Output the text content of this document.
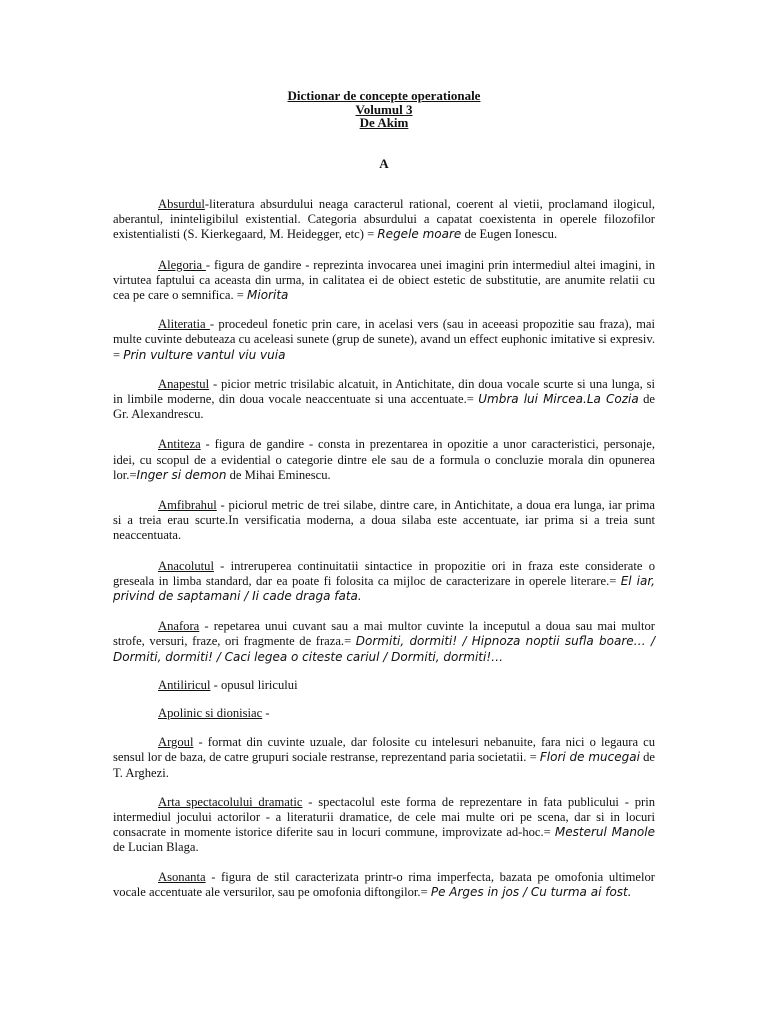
Dictionar de concepte operationale
Volumul 3
De Akim
A

Absurdul-literatura absurdului neaga caracterul rational, coerent al vietii, proclamand ilogicul, aberantul, ininteligibilul existential. Categoria absurdului a capatat coexistenta in operele filozofilor existentialisti (S. Kierkegaard, M. Heidegger, etc) = Regele moare de Eugen Ionescu.

Alegoria - figura de gandire - reprezinta invocarea unei imagini prin intermediul altei imagini, in virtutea faptului ca aceasta din urma, in calitatea ei de obiect estetic de substitutie, are anumite relatii cu cea pe care o semnifica. = Miorita

Aliteratia - procedeul fonetic prin care, in acelasi vers (sau in aceeasi propozitie sau fraza), mai multe cuvinte debuteaza cu aceleasi sunete (grup de sunete), avand un effect euphonic imitative si expresiv. = Prin vulture vantul viu vuia

Anapestul - picior metric trisilabic alcatuit, in Antichitate, din doua vocale scurte si una lunga, si in limbile moderne, din doua vocale neaccentuate si una accentuate.= Umbra lui Mircea.La Cozia de Gr. Alexandrescu.

Antiteza - figura de gandire - consta in prezentarea in opozitie a unor caracteristici, personaje, idei, cu scopul de a evidential o categorie dintre ele sau de a formula o concluzie morala din opunerea lor.=Inger si demon de Mihai Eminescu.

Amfibrahul - piciorul metric de trei silabe, dintre care, in Antichitate, a doua era lunga, iar prima si a treia erau scurte.In versificatia moderna, a doua silaba este accentuate, iar prima si a treia sunt neaccentuata.

Anacolutul - intreruperea continuitatii sintactice in propozitie ori in fraza este considerate o greseala in limba standard, dar ea poate fi folosita ca mijloc de caracterizare in operele literare.= El iar, privind de saptamani / Ii cade draga fata.

Anafora - repetarea unui cuvant sau a mai multor cuvinte la inceputul a doua sau mai multor strofe, versuri, fraze, ori fragmente de fraza.= Dormiti, dormiti! / Hipnoza noptii sufla boare… / Dormiti, dormiti! / Caci legea o citeste cariul / Dormiti, dormiti!…

Antiliricul - opusul liricului

Apolinic si dionisiac -

Argoul - format din cuvinte uzuale, dar folosite cu intelesuri nebanuite, fara nici o legaura cu sensul lor de baza, de catre grupuri sociale restranse, reprezentand paria societatii. = Flori de mucegai de T. Arghezi.

Arta spectacolului dramatic - spectacolul este forma de reprezentare in fata publicului - prin intermediul jocului actorilor - a literaturii dramatice, de cele mai multe ori pe scena, dar si in locuri consacrate in momente istorice diferite sau in locuri commune, improvizate ad-hoc.= Mesterul Manole de Lucian Blaga.

Asonanta - figura de stil caracterizata printr-o rima imperfecta, bazata pe omofonia ultimelor vocale accentuate ale versurilor, sau pe omofonia diftongilor.= Pe Arges in jos / Cu turma ai fost.
